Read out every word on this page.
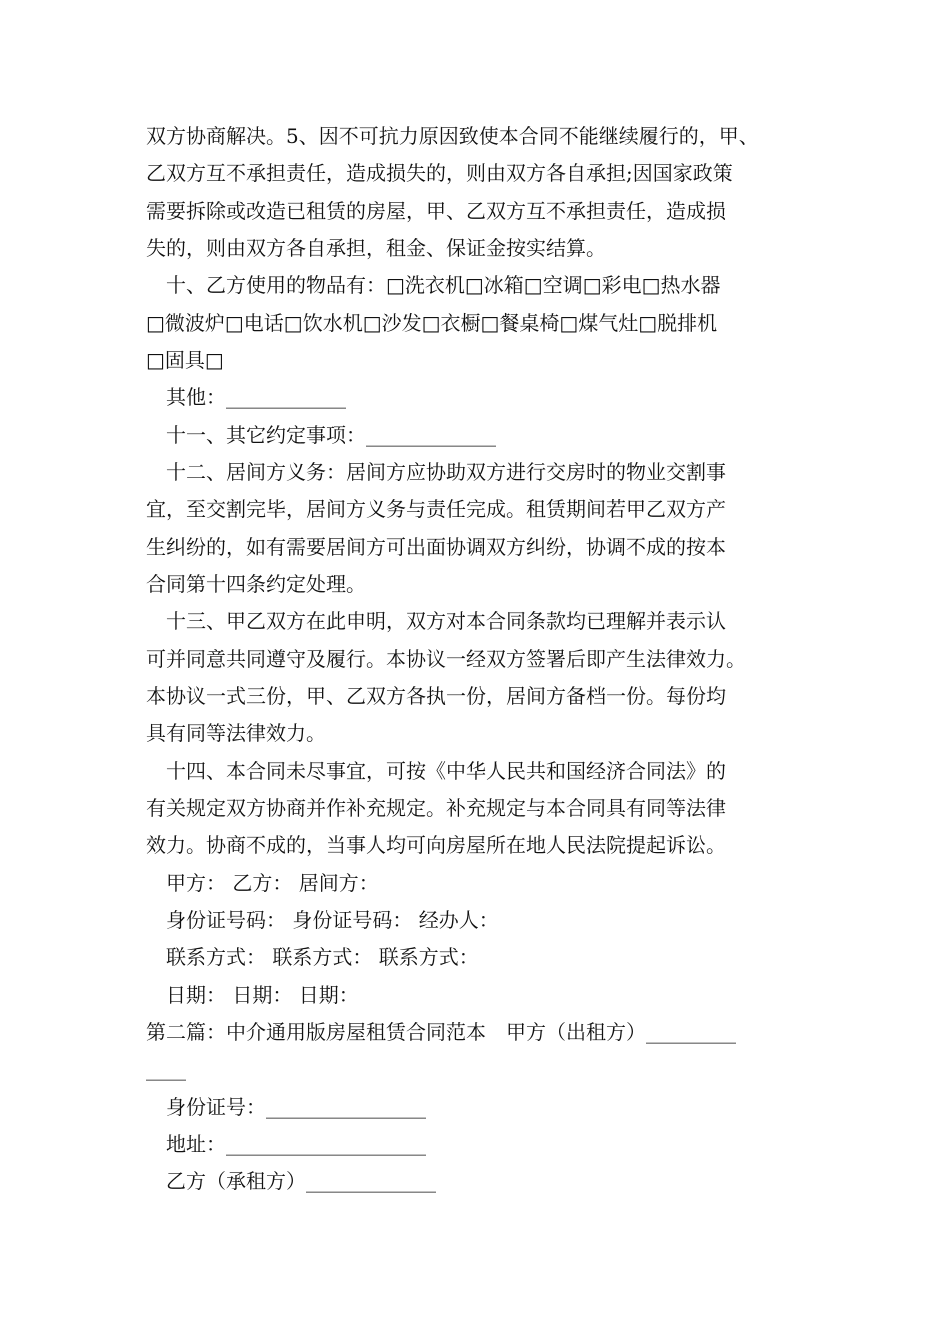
双方协商解决。5、因不可抗力原因致使本合同不能继续履行的，甲、
乙双方互不承担责任，造成损失的，则由双方各自承担;因国家政策
需要拆除或改造已租赁的房屋，甲、乙双方互不承担责任，造成损
失的，则由双方各自承担，租金、保证金按实结算。
十、乙方使用的物品有：□洗衣机□冰箱□空调□彩电□热水器
□微波炉□电话□饮水机□沙发□衣橱□餐桌椅□煤气灶□脱排机
□固具□
其他：____________
十一、其它约定事项：_____________
十二、居间方义务：居间方应协助双方进行交房时的物业交割事
宜，至交割完毕，居间方义务与责任完成。租赁期间若甲乙双方产
生纠纷的，如有需要居间方可出面协调双方纠纷，协调不成的按本
合同第十四条约定处理。
十三、甲乙双方在此申明，双方对本合同条款均已理解并表示认
可并同意共同遵守及履行。本协议一经双方签署后即产生法律效力。
本协议一式三份，甲、乙双方各执一份，居间方备档一份。每份均
具有同等法律效力。
十四、本合同未尽事宜，可按《中华人民共和国经济合同法》的
有关规定双方协商并作补充规定。补充规定与本合同具有同等法律
效力。协商不成的，当事人均可向房屋所在地人民法院提起诉讼。
甲方： 乙方： 居间方：
身份证号码： 身份证号码： 经办人：
联系方式： 联系方式： 联系方式：
日期： 日期： 日期：
第二篇：中介通用版房屋租赁合同范本　甲方（出租方）_________
____
身份证号：________________
地址：____________________
乙方（承租方）_____________
